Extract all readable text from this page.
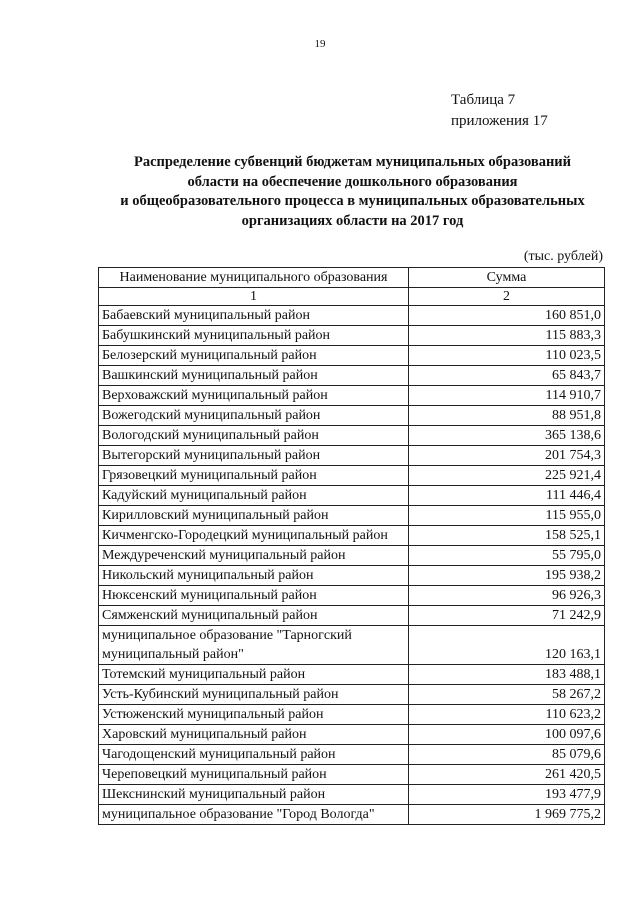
19
Таблица 7
приложения 17
Распределение субвенций бюджетам муниципальных образований
области на обеспечение дошкольного образования
и общеобразовательного процесса в муниципальных образовательных
организациях области на 2017 год
(тыс. рублей)
Наименование муниципального образования	Сумма
1	2
Бабаевский муниципальный район	160 851,0
Бабушкинский муниципальный район	115 883,3
Белозерский муниципальный район	110 023,5
Вашкинский муниципальный район	65 843,7
Верховажский муниципальный район	114 910,7
Вожегодский муниципальный район	88 951,8
Вологодский муниципальный район	365 138,6
Вытегорский муниципальный район	201 754,3
Грязовецкий муниципальный район	225 921,4
Кадуйский муниципальный район	111 446,4
Кирилловский муниципальный район	115 955,0
Кичменгско-Городецкий муниципальный район	158 525,1
Междуреченский муниципальный район	55 795,0
Никольский муниципальный район	195 938,2
Нюксенский муниципальный район	96 926,3
Сямженский муниципальный район	71 242,9
муниципальное образование "Тарногский муниципальный район"	120 163,1
Тотемский муниципальный район	183 488,1
Усть-Кубинский муниципальный район	58 267,2
Устюженский муниципальный район	110 623,2
Харовский муниципальный район	100 097,6
Чагодощенский муниципальный район	85 079,6
Череповецкий муниципальный район	261 420,5
Шекснинский муниципальный район	193 477,9
муниципальное образование "Город Вологда"	1 969 775,2
